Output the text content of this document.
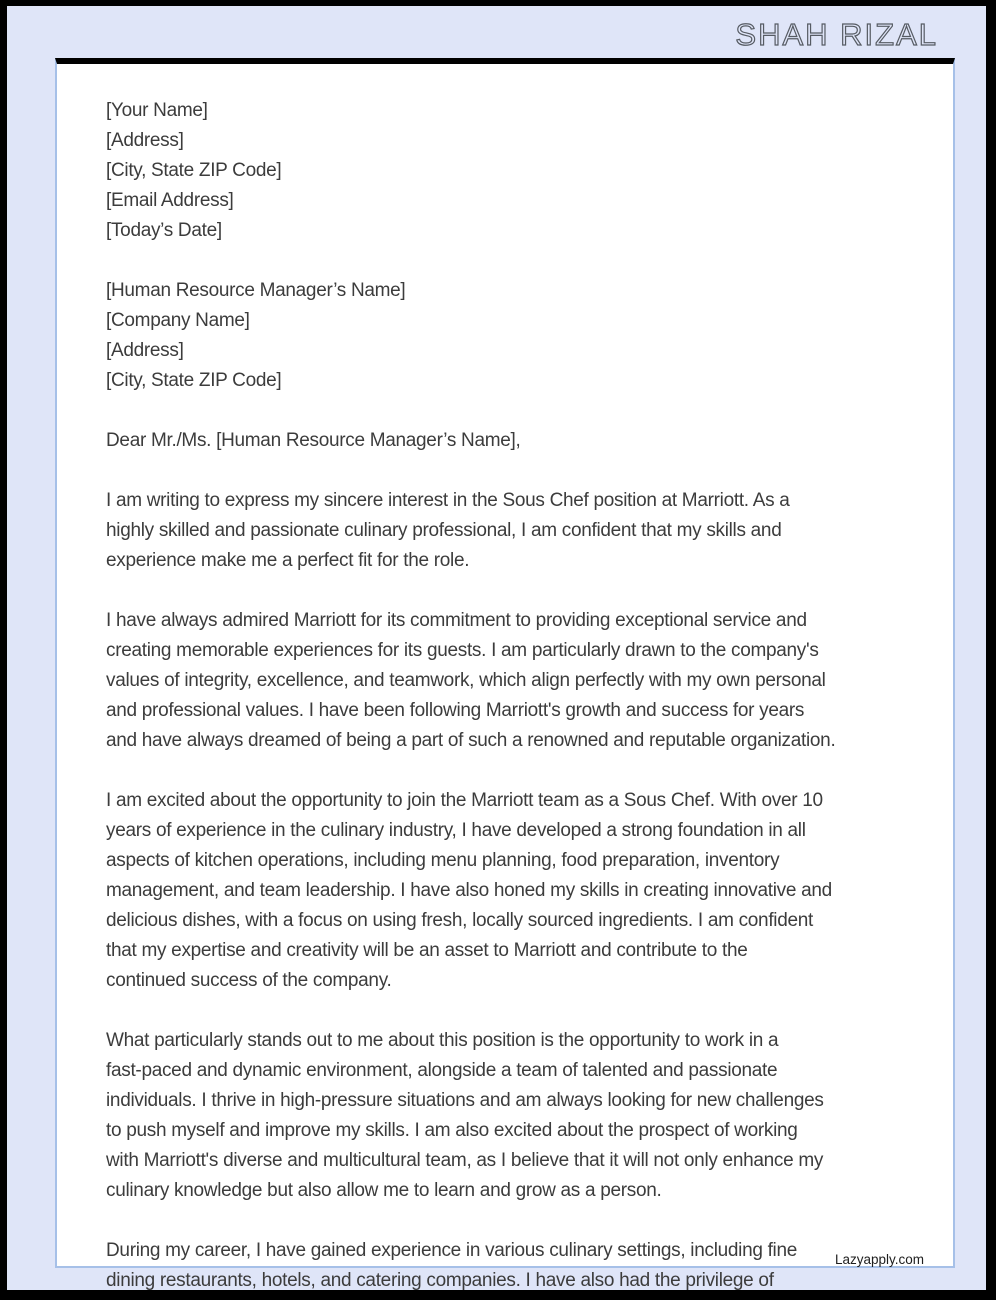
SHAH RIZAL
[Your Name]
[Address]
[City, State ZIP Code]
[Email Address]
[Today’s Date]
[Human Resource Manager’s Name]
[Company Name]
[Address]
[City, State ZIP Code]
Dear Mr./Ms. [Human Resource Manager’s Name],
I am writing to express my sincere interest in the Sous Chef position at Marriott. As a
highly skilled and passionate culinary professional, I am confident that my skills and
experience make me a perfect fit for the role.
I have always admired Marriott for its commitment to providing exceptional service and
creating memorable experiences for its guests. I am particularly drawn to the company's
values of integrity, excellence, and teamwork, which align perfectly with my own personal
and professional values. I have been following Marriott's growth and success for years
and have always dreamed of being a part of such a renowned and reputable organization.
I am excited about the opportunity to join the Marriott team as a Sous Chef. With over 10
years of experience in the culinary industry, I have developed a strong foundation in all
aspects of kitchen operations, including menu planning, food preparation, inventory
management, and team leadership. I have also honed my skills in creating innovative and
delicious dishes, with a focus on using fresh, locally sourced ingredients. I am confident
that my expertise and creativity will be an asset to Marriott and contribute to the
continued success of the company.
What particularly stands out to me about this position is the opportunity to work in a
fast-paced and dynamic environment, alongside a team of talented and passionate
individuals. I thrive in high-pressure situations and am always looking for new challenges
to push myself and improve my skills. I am also excited about the prospect of working
with Marriott's diverse and multicultural team, as I believe that it will not only enhance my
culinary knowledge but also allow me to learn and grow as a person.
During my career, I have gained experience in various culinary settings, including fine
dining restaurants, hotels, and catering companies. I have also had the privilege of
Lazyapply.com
